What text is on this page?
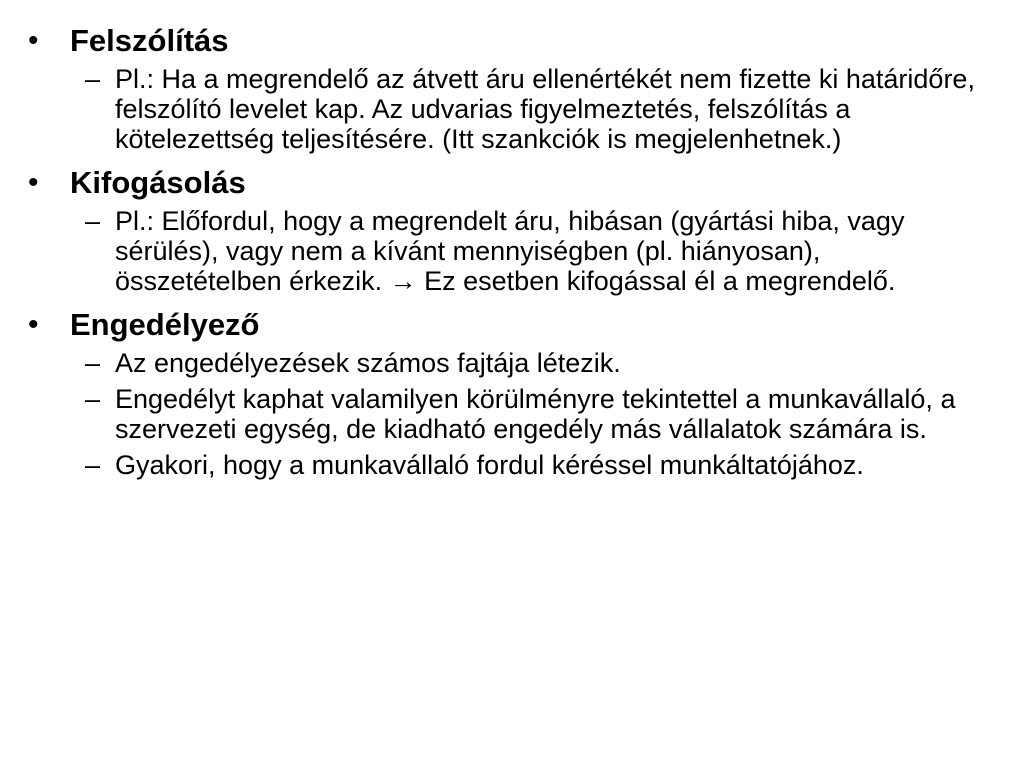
• Felszólítás
– Pl.: Ha a megrendelő az átvett áru ellenértékét nem fizette ki határidőre, felszólító levelet kap. Az udvarias figyelmeztetés, felszólítás a kötelezettség teljesítésére. (Itt szankciók is megjelenhetnek.)
• Kifogásolás
– Pl.: Előfordul, hogy a megrendelt áru, hibásan (gyártási hiba, vagy sérülés), vagy nem a kívánt mennyiségben (pl. hiányosan), összetételben érkezik. → Ez esetben kifogással él a megrendelő.
• Engedélyező
– Az engedélyezések számos fajtája létezik.
– Engedélyt kaphat valamilyen körülményre tekintettel a munkavállaló, a szervezeti egység, de kiadható engedély más vállalatok számára is.
– Gyakori, hogy a munkavállaló fordul kéréssel munkáltatójához.
